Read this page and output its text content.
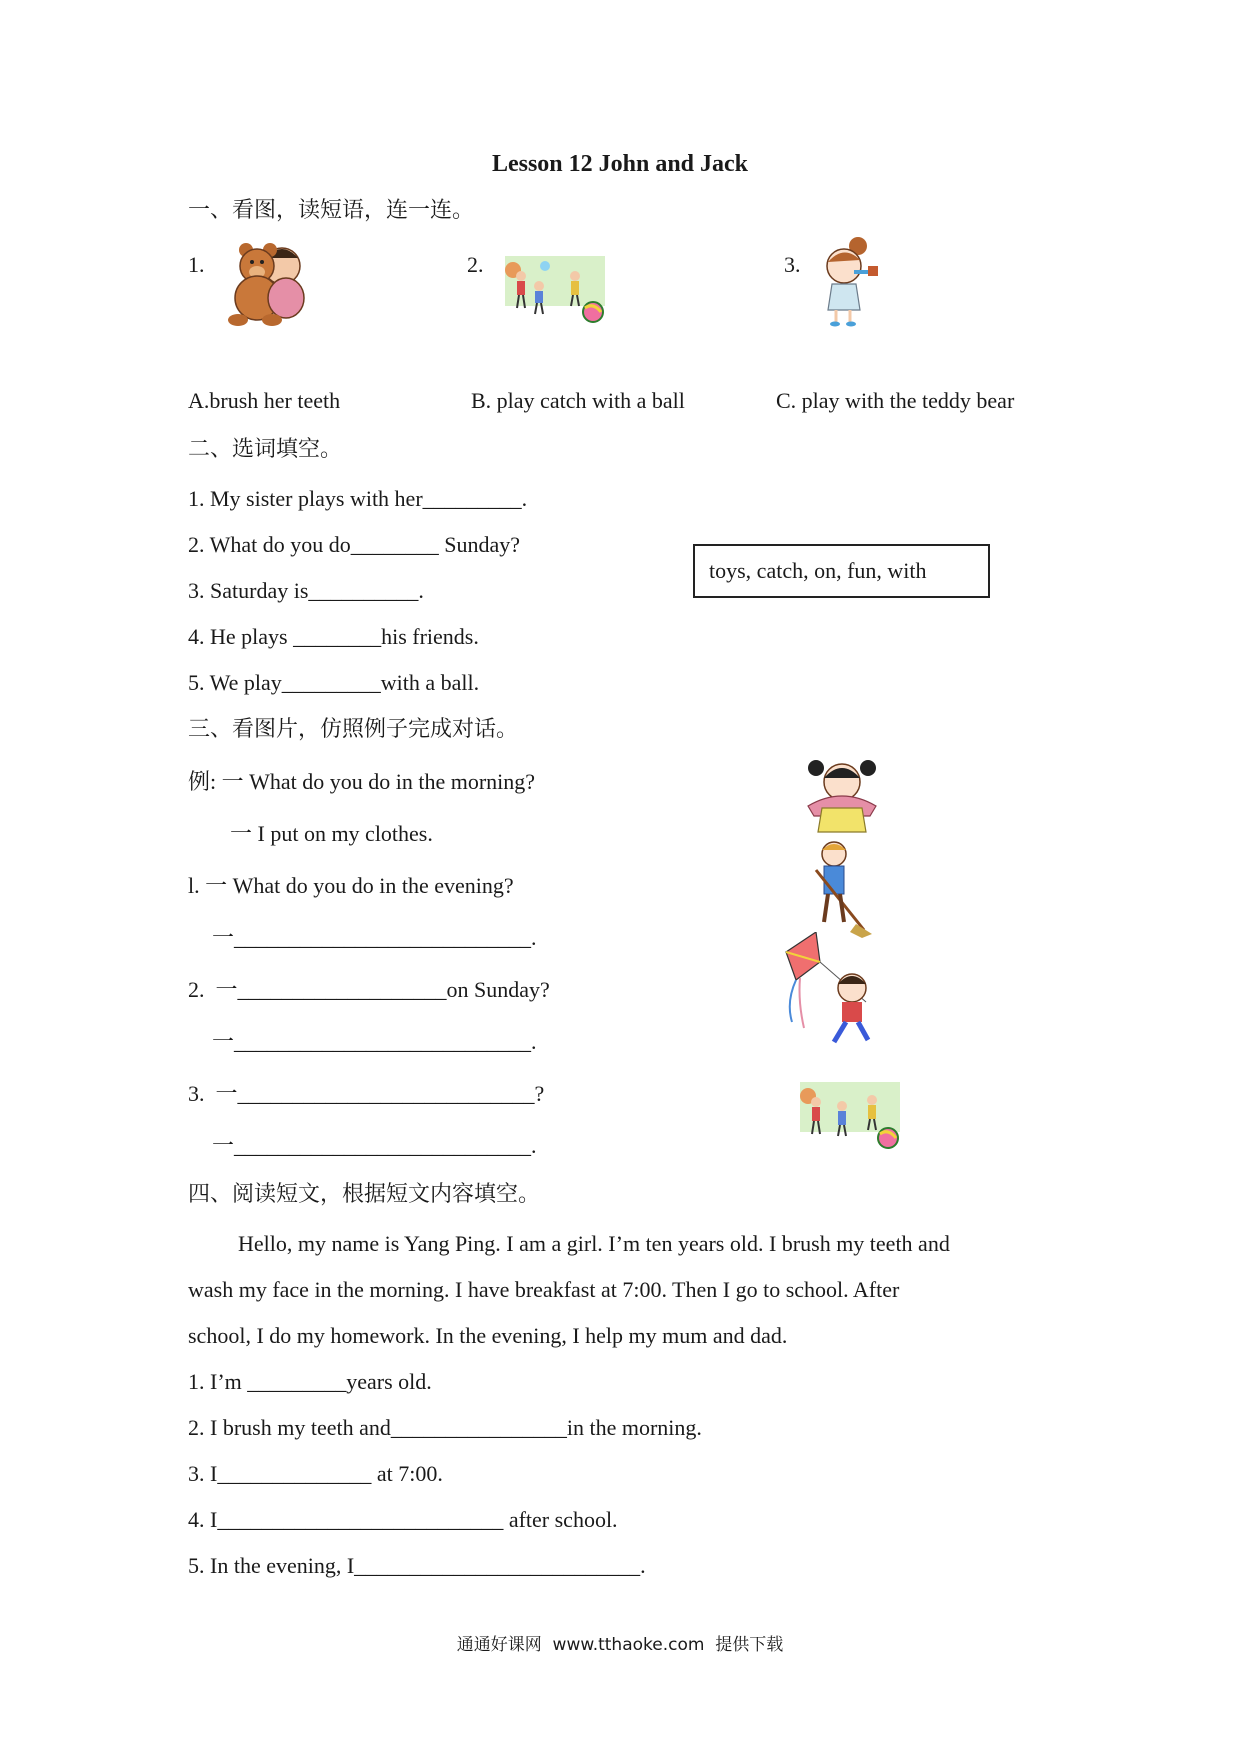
Lesson 12 John and Jack
一、看图，读短语，连一连。
1.	2.	3.
A.brush her teeth	B. play catch with a ball	C. play with the teddy bear
二、选词填空。
1. My sister plays with her_________.
2. What do you do________ Sunday?
3. Saturday is__________.
4. He plays ________his friends.
5. We play_________with a ball.
toys, catch, on, fun, with
三、看图片，仿照例子完成对话。
例: 一 What do you do in the morning?
一 I put on my clothes.
l. 一 What do you do in the evening?
一___________________________.
2.  一___________________on Sunday?
一___________________________.
3.  一___________________________?
一___________________________.
四、阅读短文，根据短文内容填空。
Hello, my name is Yang Ping. I am a girl. I’m ten years old. I brush my teeth and
wash my face in the morning. I have breakfast at 7:00. Then I go to school. After
school, I do my homework. In the evening, I help my mum and dad.
1. I’m _________years old.
2. I brush my teeth and________________in the morning.
3. I______________ at 7:00.
4. I__________________________ after school.
5. In the evening, I__________________________.
通通好课网  www.tthaoke.com  提供下载
